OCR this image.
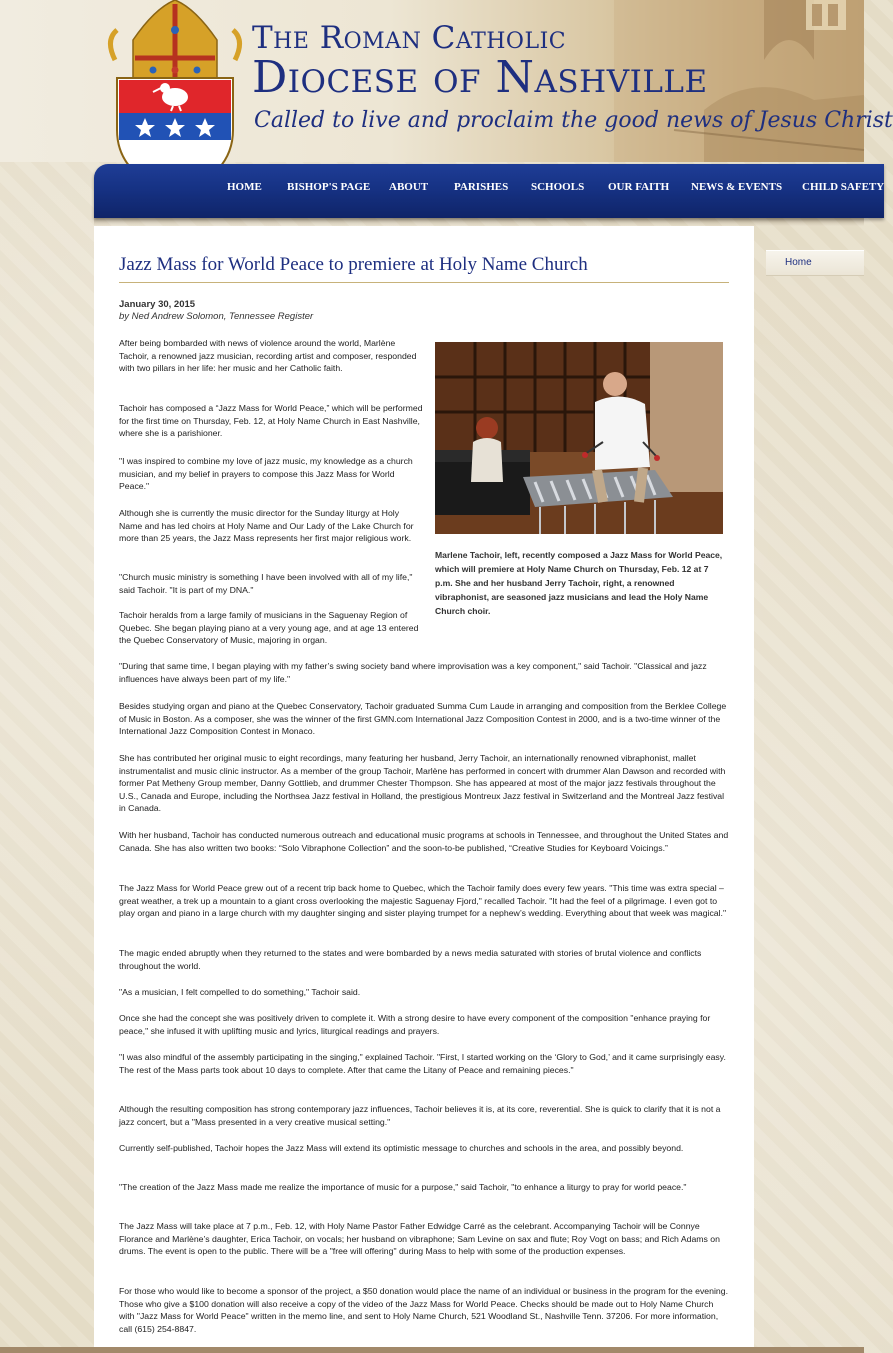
The Roman Catholic
Diocese of Nashville
Called to live and proclaim the good news of Jesus Christ
HOME BISHOP'S PAGE ABOUT PARISHES SCHOOLS OUR FAITH NEWS & EVENTS CHILD SAFETY
Home
Jazz Mass for World Peace to premiere at Holy Name Church
January 30, 2015
by Ned Andrew Solomon, Tennessee Register
Marlene Tachoir, left, recently composed a Jazz Mass for World Peace, which will premiere at Holy Name Church on Thursday, Feb. 12 at 7 p.m. She and her husband Jerry Tachoir, right, a renowned vibraphonist, are seasoned jazz musicians and lead the Holy Name Church choir.

After being bombarded with news of violence around the world, Marlène Tachoir, a renowned jazz musician, recording artist and composer, responded with two pillars in her life: her music and her Catholic faith.

Tachoir has composed a “Jazz Mass for World Peace,” which will be performed for the first time on Thursday, Feb. 12, at Holy Name Church in East Nashville, where she is a parishioner.

"I was inspired to combine my love of jazz music, my knowledge as a church musician, and my belief in prayers to compose this Jazz Mass for World Peace."

Although she is currently the music director for the Sunday liturgy at Holy Name and has led choirs at Holy Name and Our Lady of the Lake Church for more than 25 years, the Jazz Mass represents her first major religious work.

"Church music ministry is something I have been involved with all of my life," said Tachoir. "It is part of my DNA."

Tachoir heralds from a large family of musicians in the Saguenay Region of Quebec. She began playing piano at a very young age, and at age 13 entered the Quebec Conservatory of Music, majoring in organ.

"During that same time, I began playing with my father’s swing society band where improvisation was a key component," said Tachoir. "Classical and jazz influences have always been part of my life."

Besides studying organ and piano at the Quebec Conservatory, Tachoir graduated Summa Cum Laude in arranging and composition from the Berklee College of Music in Boston. As a composer, she was the winner of the first GMN.com International Jazz Composition Contest in 2000, and is a two-time winner of the International Jazz Composition Contest in Monaco.

She has contributed her original music to eight recordings, many featuring her husband, Jerry Tachoir, an internationally renowned vibraphonist, mallet instrumentalist and music clinic instructor. As a member of the group Tachoir, Marlène has performed in concert with drummer Alan Dawson and recorded with former Pat Metheny Group member, Danny Gottlieb, and drummer Chester Thompson. She has appeared at most of the major jazz festivals throughout the U.S., Canada and Europe, including the Northsea Jazz festival in Holland, the prestigious Montreux Jazz festival in Switzerland and the Montreal Jazz festival in Canada.

With her husband, Tachoir has conducted numerous outreach and educational music programs at schools in Tennessee, and throughout the United States and Canada. She has also written two books: “Solo Vibraphone Collection” and the soon-to-be published, “Creative Studies for Keyboard Voicings.”

The Jazz Mass for World Peace grew out of a recent trip back home to Quebec, which the Tachoir family does every few years. "This time was extra special – great weather, a trek up a mountain to a giant cross overlooking the majestic Saguenay Fjord," recalled Tachoir. "It had the feel of a pilgrimage. I even got to play organ and piano in a large church with my daughter singing and sister playing trumpet for a nephew’s wedding. Everything about that week was magical."

The magic ended abruptly when they returned to the states and were bombarded by a news media saturated with stories of brutal violence and conflicts throughout the world.

"As a musician, I felt compelled to do something," Tachoir said.

Once she had the concept she was positively driven to complete it. With a strong desire to have every component of the composition "enhance praying for peace," she infused it with uplifting music and lyrics, liturgical readings and prayers.

"I was also mindful of the assembly participating in the singing," explained Tachoir. "First, I started working on the ‘Glory to God,’ and it came surprisingly easy. The rest of the Mass parts took about 10 days to complete. After that came the Litany of Peace and remaining pieces."

Although the resulting composition has strong contemporary jazz influences, Tachoir believes it is, at its core, reverential. She is quick to clarify that it is not a jazz concert, but a "Mass presented in a very creative musical setting."

Currently self-published, Tachoir hopes the Jazz Mass will extend its optimistic message to churches and schools in the area, and possibly beyond.

"The creation of the Jazz Mass made me realize the importance of music for a purpose," said Tachoir, "to enhance a liturgy to pray for world peace."

The Jazz Mass will take place at 7 p.m., Feb. 12, with Holy Name Pastor Father Edwidge Carré as the celebrant. Accompanying Tachoir will be Connye Florance and Marlène’s daughter, Erica Tachoir, on vocals; her husband on vibraphone; Sam Levine on sax and flute; Roy Vogt on bass; and Rich Adams on drums. The event is open to the public. There will be a "free will offering" during Mass to help with some of the production expenses.

For those who would like to become a sponsor of the project, a $50 donation would place the name of an individual or business in the program for the evening. Those who give a $100 donation will also receive a copy of the video of the Jazz Mass for World Peace. Checks should be made out to Holy Name Church with "Jazz Mass for World Peace" written in the memo line, and sent to Holy Name Church, 521 Woodland St., Nashville Tenn. 37206. For more information, call (615) 254-8847.
